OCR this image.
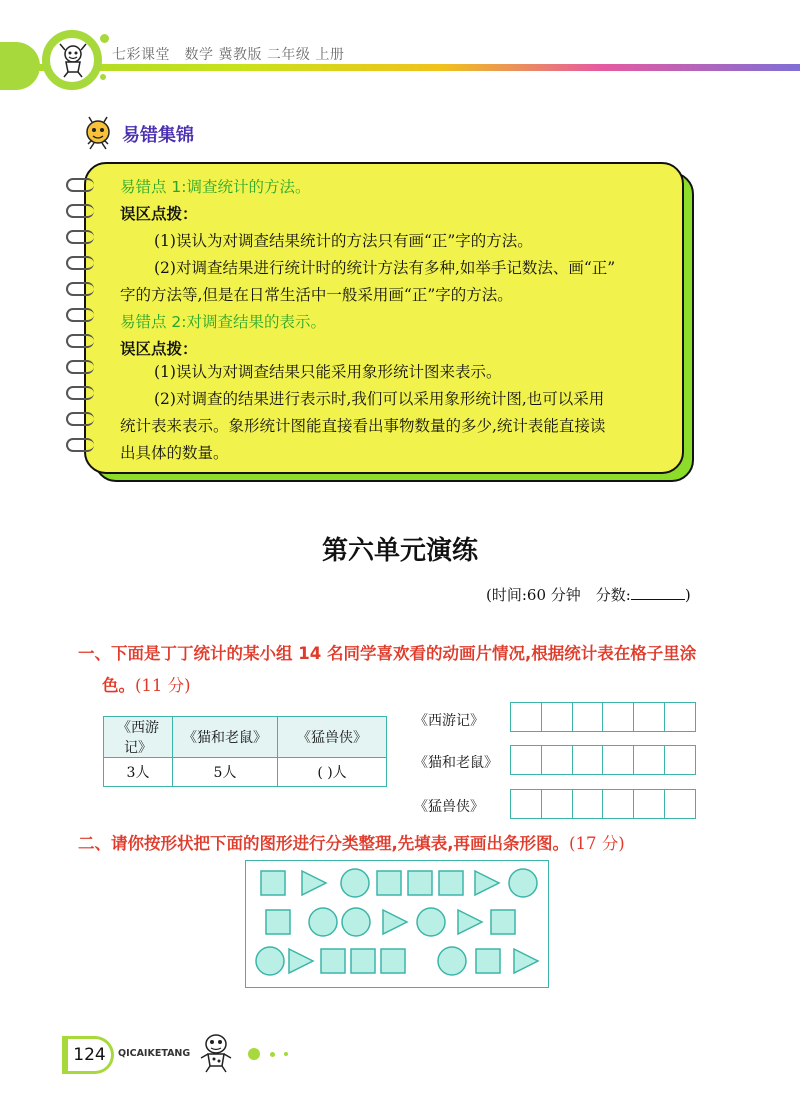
七彩课堂　数学 冀教版 二年级 上册
易错集锦
易错点 1:调查统计的方法。
误区点拨：
(1)误认为对调查结果统计的方法只有画“正”字的方法。
(2)对调查结果进行统计时的统计方法有多种,如举手记数法、画“正”
字的方法等,但是在日常生活中一般采用画“正”字的方法。
易错点 2:对调查结果的表示。
误区点拨：
(1)误认为对调查结果只能采用象形统计图来表示。
(2)对调查的结果进行表示时,我们可以采用象形统计图,也可以采用
统计表来表示。象形统计图能直接看出事物数量的多少,统计表能直接读
出具体的数量。
第六单元演练
(时间:60 分钟　分数:	)
一、下面是丁丁统计的某小组 14 名同学喜欢看的动画片情况,根据统计表在格子里涂
色。(11 分)
《西游记》	《猫和老鼠》	《猛兽侠》
3人	5人	( )人
《西游记》
《猫和老鼠》
《猛兽侠》
二、请你按形状把下面的图形进行分类整理,先填表,再画出条形图。(17 分)
124	QICAIKETANG
